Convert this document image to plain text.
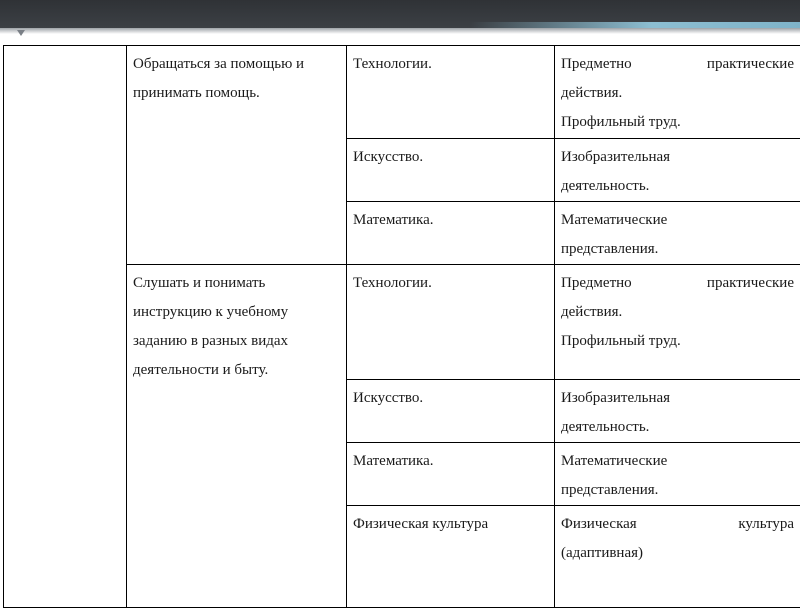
	Обращаться за помощью и принимать помощь.	Технологии.	Предметно практические
действия.
Профильный труд.

		Искусство.	Изобразительная
деятельность.

		Математика.	Математические
представления.

	Слушать и понимать инструкцию к учебному заданию в разных видах деятельности и быту.	Технологии.	Предметно практические
действия.
Профильный труд.

		Искусство.	Изобразительная
деятельность.

		Математика.	Математические
представления.

		Физическая культура	Физическая культура
(адаптивная)
